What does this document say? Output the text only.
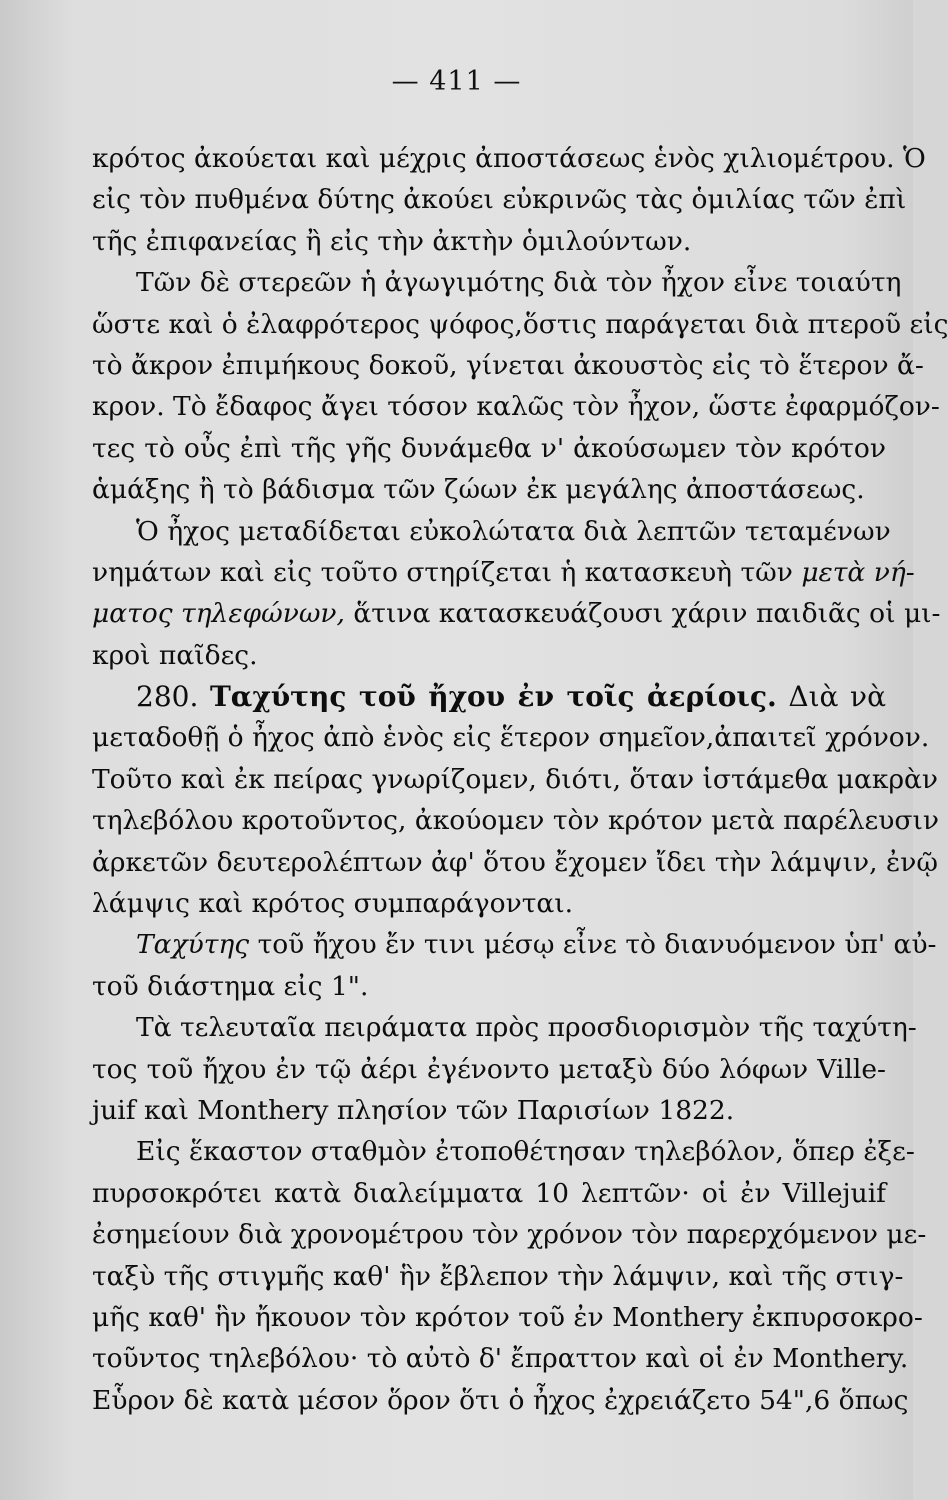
— 411 —
κρότος ἀκούεται καὶ μέχρις ἀποστάσεως ἑνὸς χιλιομέτρου. Ὁ
εἰς τὸν πυθμένα δύτης ἀκούει εὐκρινῶς τὰς ὁμιλίας τῶν ἐπὶ
τῆς ἐπιφανείας ἢ εἰς τὴν ἀκτὴν ὁμιλούντων.
Τῶν δὲ στερεῶν ἡ ἀγωγιμότης διὰ τὸν ἦχον εἶνε τοιαύτη
ὥστε καὶ ὁ ἐλαφρότερος ψόφος,ὅστις παράγεται διὰ πτεροῦ εἰς
τὸ ἄκρον ἐπιμήκους δοκοῦ, γίνεται ἀκουστὸς εἰς τὸ ἕτερον ἄ-
κρον. Τὸ ἔδαφος ἄγει τόσον καλῶς τὸν ἦχον, ὥστε ἐφαρμόζον-
τες τὸ οὖς ἐπὶ τῆς γῆς δυνάμεθα ν' ἀκούσωμεν τὸν κρότον
ἁμάξης ἢ τὸ βάδισμα τῶν ζώων ἐκ μεγάλης ἀποστάσεως.
Ὁ ἦχος μεταδίδεται εὐκολώτατα διὰ λεπτῶν τεταμένων
νημάτων καὶ εἰς τοῦτο στηρίζεται ἡ κατασκευὴ τῶν μετὰ νή-
ματος τηλεφώνων, ἅτινα κατασκευάζουσι χάριν παιδιᾶς οἱ μι-
κροὶ παῖδες.
280. Ταχύτης τοῦ ἤχου ἐν τοῖς ἀερίοις. Διὰ νὰ
μεταδοθῇ ὁ ἦχος ἀπὸ ἑνὸς εἰς ἕτερον σημεῖον,ἀπαιτεῖ χρόνον.
Τοῦτο καὶ ἐκ πείρας γνωρίζομεν, διότι, ὅταν ἱστάμεθα μακρὰν
τηλεβόλου κροτοῦντος, ἀκούομεν τὸν κρότον μετὰ παρέλευσιν
ἀρκετῶν δευτερολέπτων ἀφ' ὅτου ἔχομεν ἴδει τὴν λάμψιν, ἐνῷ
λάμψις καὶ κρότος συμπαράγονται.
Ταχύτης τοῦ ἤχου ἔν τινι μέσῳ εἶνε τὸ διανυόμενον ὑπ' αὐ-
τοῦ διάστημα εἰς 1".
Τὰ τελευταῖα πειράματα πρὸς προσδιορισμὸν τῆς ταχύτη-
τος τοῦ ἤχου ἐν τῷ ἀέρι ἐγένοντο μεταξὺ δύο λόφων Ville-
juif καὶ Monthery πλησίον τῶν Παρισίων 1822.
Εἰς ἕκαστον σταθμὸν ἐτοποθέτησαν τηλεβόλον, ὅπερ ἐξε-
πυρσοκρότει κατὰ διαλείμματα 10 λεπτῶν· οἱ ἐν Villejuif
ἐσημείουν διὰ χρονομέτρου τὸν χρόνον τὸν παρερχόμενον με-
ταξὺ τῆς στιγμῆς καθ' ἣν ἔβλεπον τὴν λάμψιν, καὶ τῆς στιγ-
μῆς καθ' ἣν ἤκουον τὸν κρότον τοῦ ἐν Monthery ἐκπυρσοκρο-
τοῦντος τηλεβόλου· τὸ αὐτὸ δ' ἔπραττον καὶ οἱ ἐν Monthery.
Εὗρον δὲ κατὰ μέσον ὅρον ὅτι ὁ ἦχος ἐχρειάζετο 54",6 ὅπως
